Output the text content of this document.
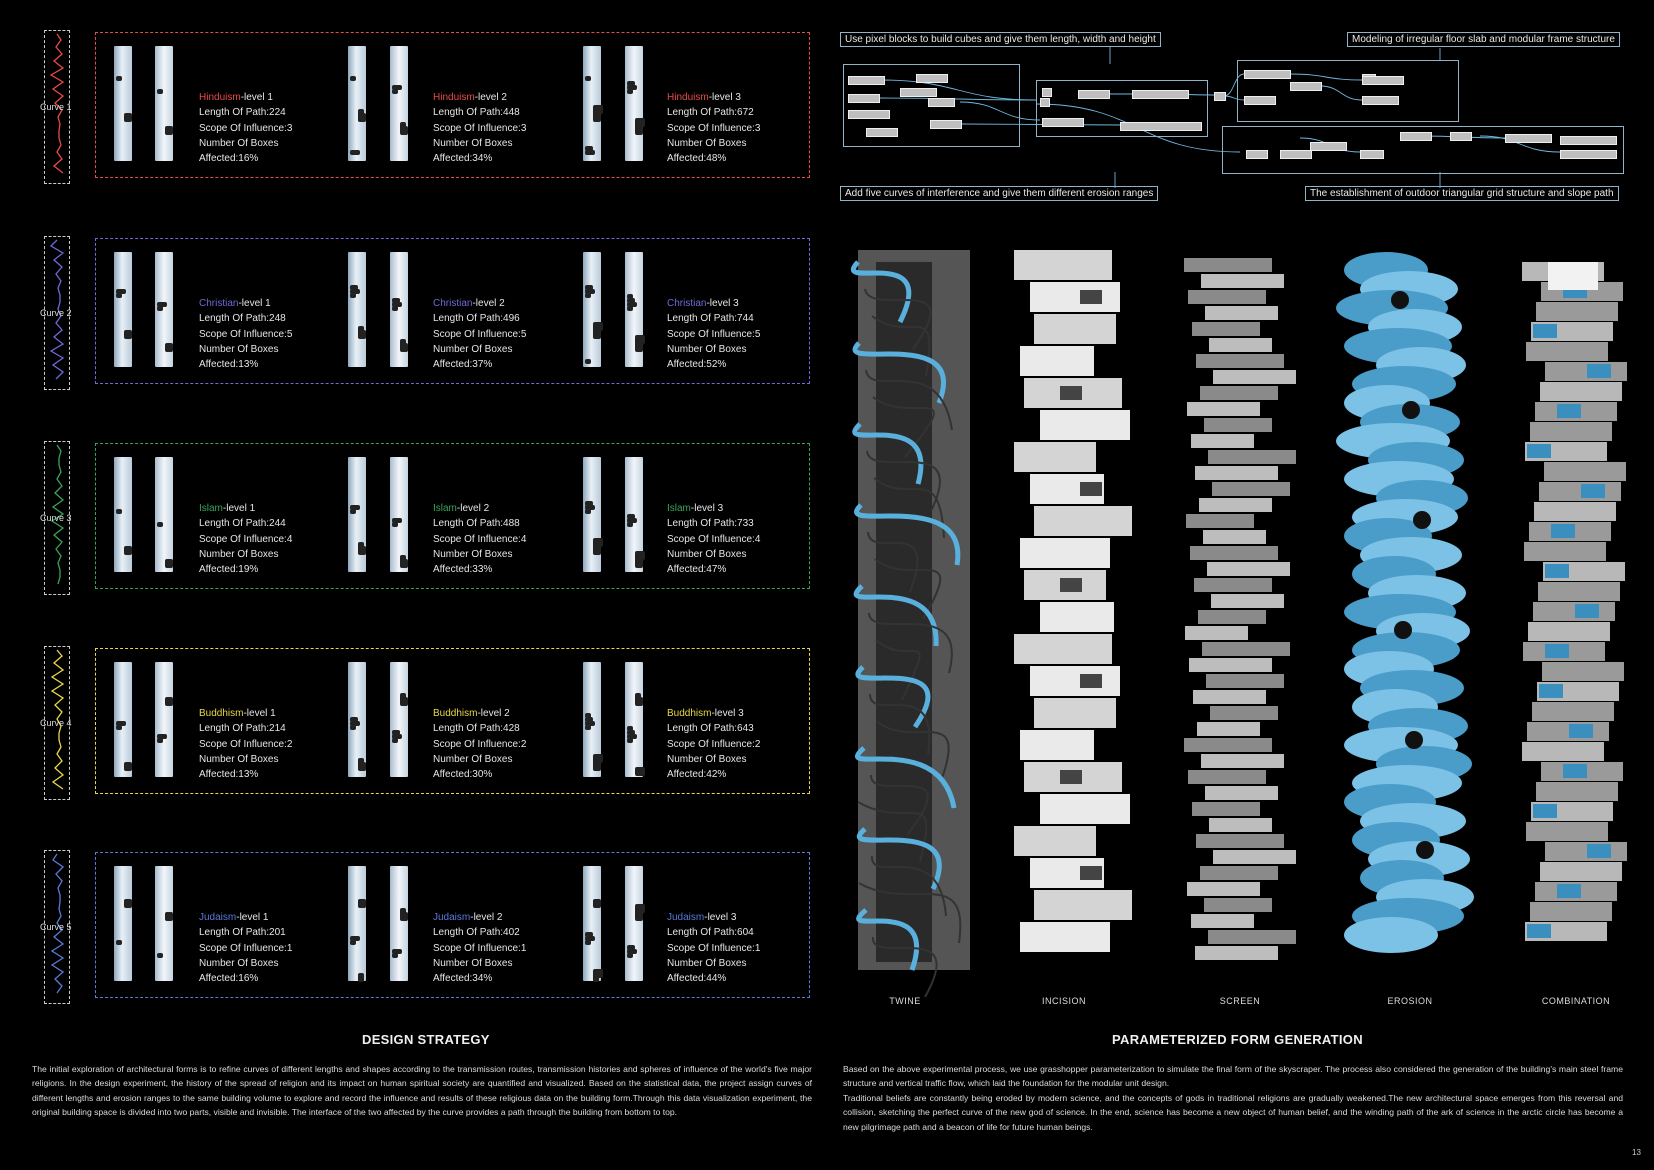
Curve 1
Hinduism-level 1
Length Of Path:224
Scope Of Influence:3
Number Of Boxes
Affected:16%
Hinduism-level 2
Length Of Path:448
Scope Of Influence:3
Number Of Boxes
Affected:34%
Hinduism-level 3
Length Of Path:672
Scope Of Influence:3
Number Of Boxes
Affected:48%
Curve 2
Christian-level 1
Length Of Path:248
Scope Of Influence:5
Number Of Boxes
Affected:13%
Christian-level 2
Length Of Path:496
Scope Of Influence:5
Number Of Boxes
Affected:37%
Christian-level 3
Length Of Path:744
Scope Of Influence:5
Number Of Boxes
Affected:52%
Curve 3
Islam-level 1
Length Of Path:244
Scope Of Influence:4
Number Of Boxes
Affected:19%
Islam-level 2
Length Of Path:488
Scope Of Influence:4
Number Of Boxes
Affected:33%
Islam-level 3
Length Of Path:733
Scope Of Influence:4
Number Of Boxes
Affected:47%
Curve 4
Buddhism-level 1
Length Of Path:214
Scope Of Influence:2
Number Of Boxes
Affected:13%
Buddhism-level 2
Length Of Path:428
Scope Of Influence:2
Number Of Boxes
Affected:30%
Buddhism-level 3
Length Of Path:643
Scope Of Influence:2
Number Of Boxes
Affected:42%
Curve 5
Judaism-level 1
Length Of Path:201
Scope Of Influence:1
Number Of Boxes
Affected:16%
Judaism-level 2
Length Of Path:402
Scope Of Influence:1
Number Of Boxes
Affected:34%
Judaism-level 3
Length Of Path:604
Scope Of Influence:1
Number Of Boxes
Affected:44%
Use pixel blocks to build cubes and give them length, width and height	Modeling of irregular floor slab and modular frame structure
Add five curves of interference and give them different erosion ranges	The establishment of outdoor triangular grid structure and slope path
TWINE	INCISION	SCREEN	EROSION	COMBINATION
DESIGN STRATEGY
The initial exploration of architectural forms is to refine curves of different lengths and shapes according to the transmission routes, transmission histories and spheres of influence of the world's five major religions. In the design experiment, the history of the spread of religion and its impact on human spiritual society are quantified and visualized. Based on the statistical data, the project assign curves of different lengths and erosion ranges to the same building volume to explore and record the influence and results of these religious data on the building form.Through this data visualization experiment, the original building space is divided into two parts, visible and invisible. The interface of the two affected by the curve provides a path through the building from bottom to top.
PARAMETERIZED FORM GENERATION
Based on the above experimental process, we use grasshopper parameterization to simulate the final form of the skyscraper. The process also considered the generation of the building's main steel frame structure and vertical traffic flow, which laid the foundation for the modular unit design.
Traditional beliefs are constantly being eroded by modern science, and the concepts of gods in traditional religions are gradually weakened.The new architectural space emerges from this reversal and collision, sketching the perfect curve of the new god of science. In the end, science has become a new object of human belief, and the winding path of the ark of science in the arctic circle has become a new pilgrimage path and a beacon of life for future human beings.
13
